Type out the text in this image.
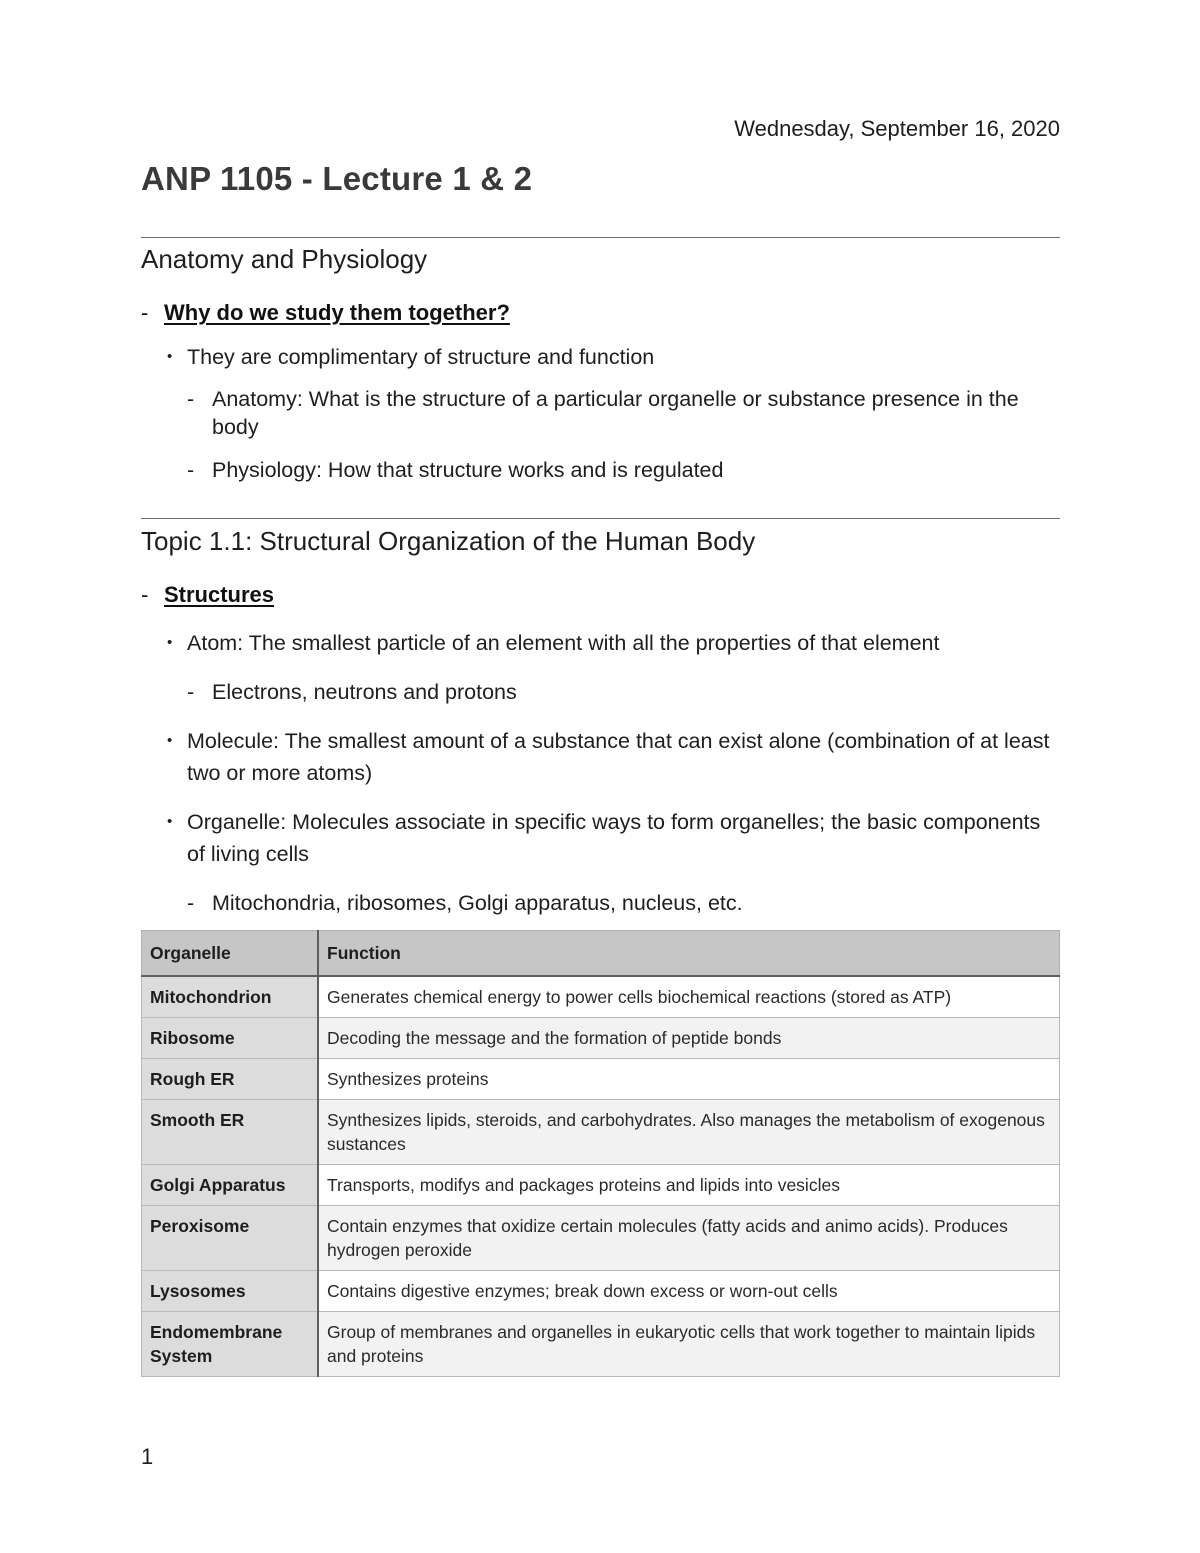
Wednesday, September 16, 2020
ANP 1105 - Lecture 1 & 2
Anatomy and Physiology
- Why do we study them together?
• They are complimentary of structure and function
- Anatomy: What is the structure of a particular organelle or substance presence in the body
- Physiology: How that structure works and is regulated
Topic 1.1: Structural Organization of the Human Body
- Structures
• Atom: The smallest particle of an element with all the properties of that element
- Electrons, neutrons and protons
• Molecule: The smallest amount of a substance that can exist alone (combination of at least two or more atoms)
• Organelle: Molecules associate in specific ways to form organelles; the basic components of living cells
- Mitochondria, ribosomes, Golgi apparatus, nucleus, etc.
Organelle	Function
Mitochondrion	Generates chemical energy to power cells biochemical reactions (stored as ATP)
Ribosome	Decoding the message and the formation of peptide bonds
Rough ER	Synthesizes proteins
Smooth ER	Synthesizes lipids, steroids, and carbohydrates. Also manages the metabolism of exogenous sustances
Golgi Apparatus	Transports, modifys and packages proteins and lipids into vesicles
Peroxisome	Contain enzymes that oxidize certain molecules (fatty acids and animo acids). Produces hydrogen peroxide
Lysosomes	Contains digestive enzymes; break down excess or worn-out cells
Endomembrane System	Group of membranes and organelles in eukaryotic cells that work together to maintain lipids and proteins
1
